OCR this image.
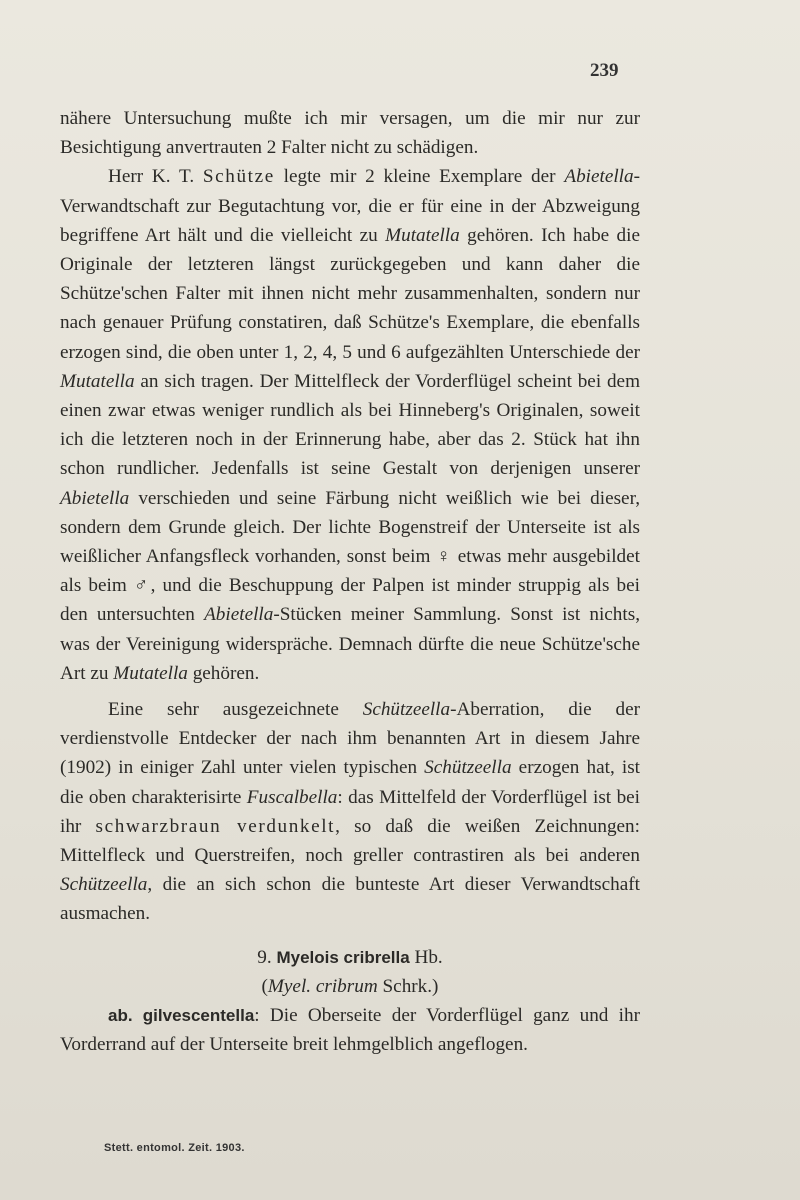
239

nähere Untersuchung mußte ich mir versagen, um die mir nur zur Besichtigung anvertrauten 2 Falter nicht zu schädigen.

Herr K. T. Schütze legte mir 2 kleine Exemplare der Abietella-Verwandtschaft zur Begutachtung vor, die er für eine in der Abzweigung begriffene Art hält und die vielleicht zu Mutatella gehören. Ich habe die Originale der letzteren längst zurückgegeben und kann daher die Schütze'schen Falter mit ihnen nicht mehr zusammenhalten, sondern nur nach genauer Prüfung constatiren, daß Schütze's Exemplare, die ebenfalls erzogen sind, die oben unter 1, 2, 4, 5 und 6 aufgezählten Unterschiede der Mutatella an sich tragen. Der Mittelfleck der Vorderflügel scheint bei dem einen zwar etwas weniger rundlich als bei Hinneberg's Originalen, soweit ich die letzteren noch in der Erinnerung habe, aber das 2. Stück hat ihn schon rundlicher. Jedenfalls ist seine Gestalt von derjenigen unserer Abietella verschieden und seine Färbung nicht weißlich wie bei dieser, sondern dem Grunde gleich. Der lichte Bogenstreif der Unterseite ist als weißlicher Anfangsfleck vorhanden, sonst beim ♀ etwas mehr ausgebildet als beim ♂, und die Beschuppung der Palpen ist minder struppig als bei den untersuchten Abietella-Stücken meiner Sammlung. Sonst ist nichts, was der Vereinigung widerspräche. Demnach dürfte die neue Schütze'sche Art zu Mutatella gehören.

Eine sehr ausgezeichnete Schützeella-Aberration, die der verdienstvolle Entdecker der nach ihm benannten Art in diesem Jahre (1902) in einiger Zahl unter vielen typischen Schützeella erzogen hat, ist die oben charakterisirte Fuscalbella: das Mittelfeld der Vorderflügel ist bei ihr schwarzbraun verdunkelt, so daß die weißen Zeichnungen: Mittelfleck und Querstreifen, noch greller contrastiren als bei anderen Schützeella, die an sich schon die bunteste Art dieser Verwandtschaft ausmachen.

9. Myelois cribrella Hb.

(Myel. cribrum Schrk.)

ab. gilvescentella: Die Oberseite der Vorderflügel ganz und ihr Vorderrand auf der Unterseite breit lehmgelblich angeflogen.

Stett. entomol. Zeit. 1903.
